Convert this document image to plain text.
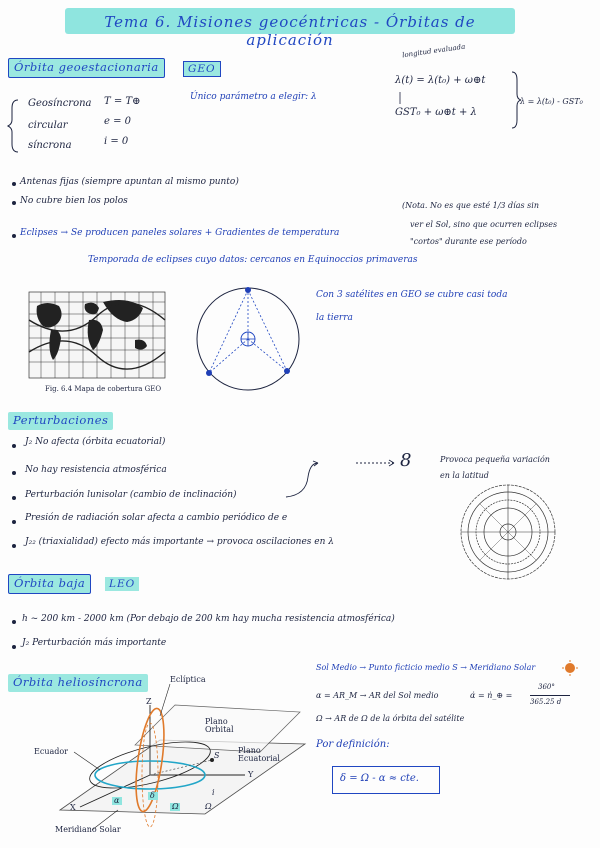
Tema 6. Misiones geocéntricas - Órbitas de aplicación
Órbita geoestacionaria	GEO
Único parámetro a elegir: λ
longitud evaluada
λ(t) = λ(t₀) + ω⊕t
GST₀ + ω⊕t + λ
λ = λ(t₀) - GST₀
Geosíncrona T = T⊕
circular	e = 0
síncrona	i = 0
Antenas fijas (siempre apuntan al mismo punto)
No cubre bien los polos
Eclipses → Se producen paneles solares + Gradientes de temperatura
(Nota. No es que esté 1/3 días sin
ver el Sol, sino que ocurren eclipses
"cortos" durante ese período
Temporada de eclipses cuyo datos: cercanos en Equinoccios primaveras
Fig. 6.4 Mapa de cobertura GEO
Con 3 satélites en GEO se cubre casi toda
la tierra
Perturbaciones
J₂ No afecta (órbita ecuatorial)
No hay resistencia atmosférica
Perturbación lunisolar (cambio de inclinación)
Presión de radiación solar afecta a cambio periódico de e
J₂₂ (triaxialidad) efecto más importante → provoca oscilaciones en λ
8	Provoca pequeña variación
en la latitud
Órbita baja	LEO
h ~ 200 km - 2000 km (Por debajo de 200 km hay mucha resistencia atmosférica)
J₂ Perturbación más importante
Órbita heliosíncrona
Z
Y
X
Eclíptica
Plano Orbital
Plano Ecuatorial
Ecuador
Meridiano Solar
α
δ
Ω
i
Ω
S
Sol Medio → Punto ficticio medio S → Meridiano Solar
α = AR_M → AR del Sol medio	α̇ = ṅ_⊕ =
360°
365.25 d
Ω → AR de Ω de la órbita del satélite
Por definición:
δ = Ω - α ≈ cte.
